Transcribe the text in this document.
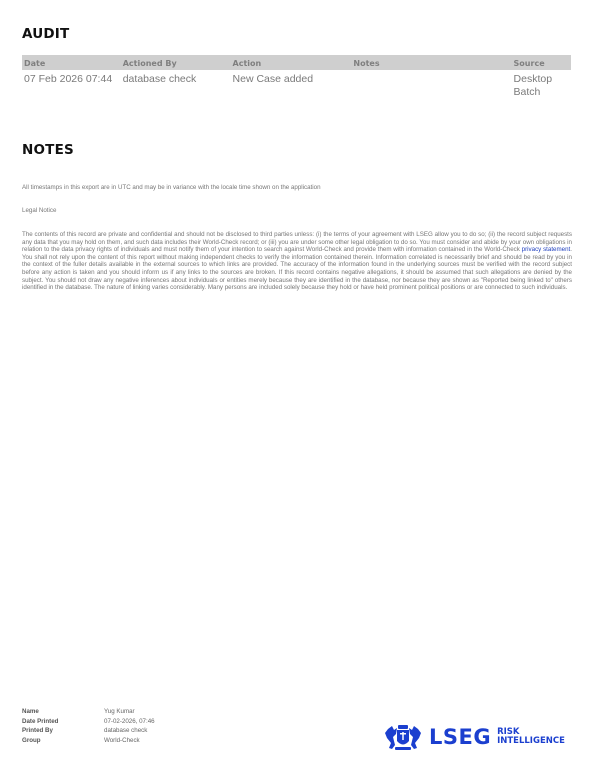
AUDIT
Date	Actioned By	Action	Notes	Source
07 Feb 2026 07:44	database check	New Case added		Desktop
Batch
NOTES
All timestamps in this export are in UTC and may be in variance with the locale time shown on the application
Legal Notice
The contents of this record are private and confidential and should not be disclosed to third parties unless: (i) the terms of your agreement with LSEG allow you to do so; (ii) the record subject requests any data that you may hold on them, and such data includes their World-Check record; or (iii) you are under some other legal obligation to do so. You must consider and abide by your own obligations in relation to the data privacy rights of individuals and must notify them of your intention to search against World-Check and provide them with information contained in the World-Check privacy statement. You shall not rely upon the content of this report without making independent checks to verify the information contained therein. Information correlated is necessarily brief and should be read by you in the context of the fuller details available in the external sources to which links are provided. The accuracy of the information found in the underlying sources must be verified with the record subject before any action is taken and you should inform us if any links to the sources are broken. If this record contains negative allegations, it should be assumed that such allegations are denied by the subject. You should not draw any negative inferences about individuals or entities merely because they are identified in the database, nor because they are shown as "Reported being linked to" others identified in the database. The nature of linking varies considerably. Many persons are included solely because they hold or have held prominent political positions or are connected to such individuals.
Name	Yug Kumar
Date Printed	07-02-2026, 07:46
Printed By	database check
Group	World-Check	LSEG RISK
INTELLIGENCE
